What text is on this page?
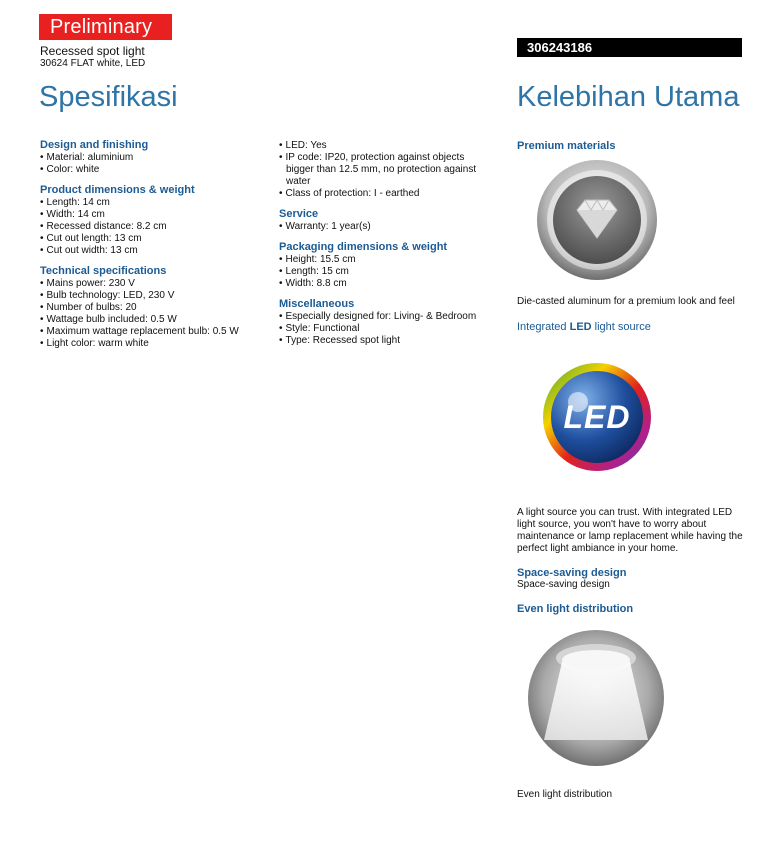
Preliminary
Recessed spot light
30624 FLAT white, LED
306243186
Spesifikasi	Kelebihan Utama
Design and finishing
• Material: aluminium
• Color: white
Product dimensions & weight
• Length: 14 cm
• Width: 14 cm
• Recessed distance: 8.2 cm
• Cut out length: 13 cm
• Cut out width: 13 cm
Technical specifications
• Mains power: 230 V
• Bulb technology: LED, 230 V
• Number of bulbs: 20
• Wattage bulb included: 0.5 W
• Maximum wattage replacement bulb: 0.5 W
• Light color: warm white
• LED: Yes
• IP code: IP20, protection against objects bigger than 12.5 mm, no protection against water
• Class of protection: I - earthed
Service
• Warranty: 1 year(s)
Packaging dimensions & weight
• Height: 15.5 cm
• Length: 15 cm
• Width: 8.8 cm
Miscellaneous
• Especially designed for: Living- & Bedroom
• Style: Functional
• Type: Recessed spot light
Premium materials
Die-casted aluminum for a premium look and feel
Integrated LED light source
LED
A light source you can trust. With integrated LED light source, you won't have to worry about maintenance or lamp replacement while having the perfect light ambiance in your home.
Space-saving design
Space-saving design
Even light distribution
Even light distribution
